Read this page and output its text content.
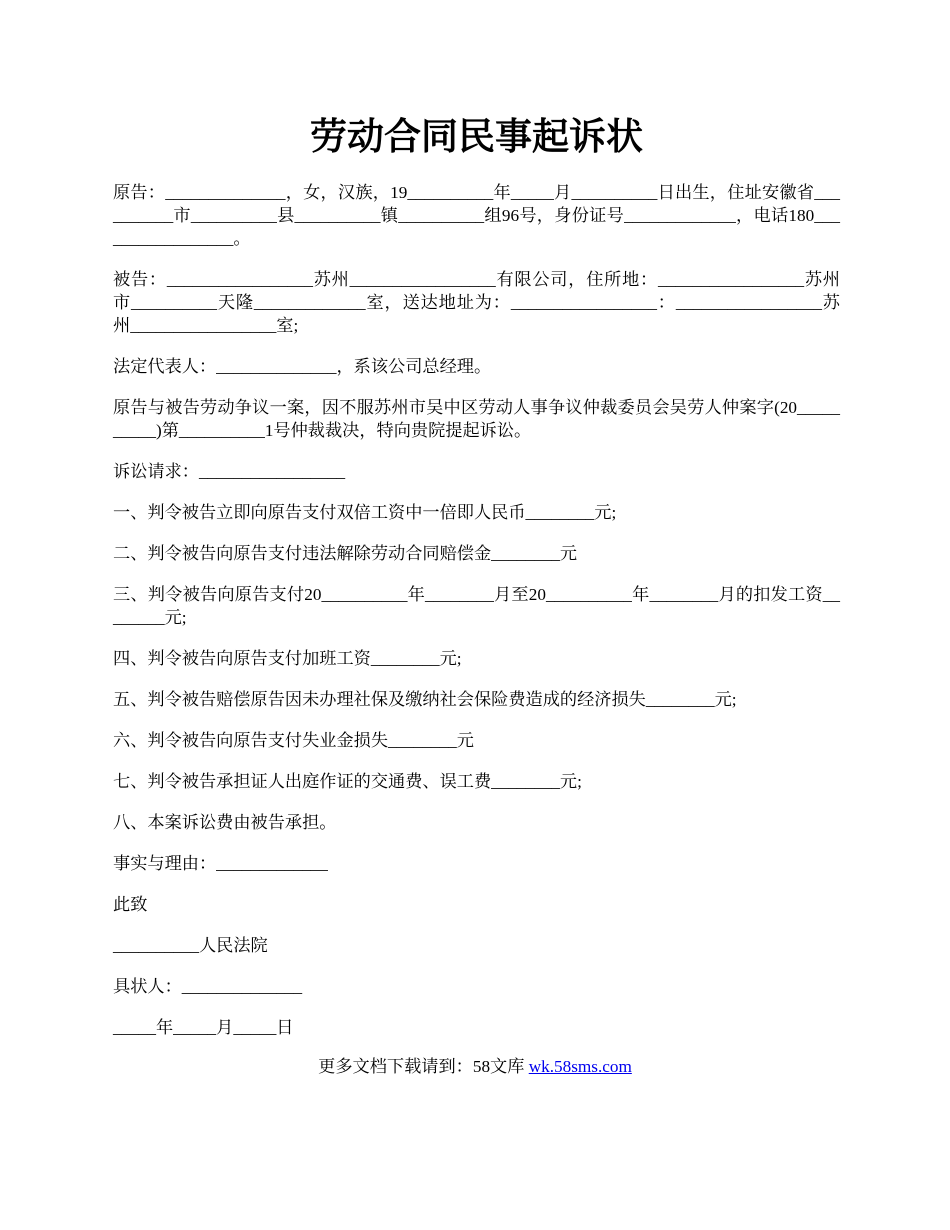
劳动合同民事起诉状

原告：______________，女，汉族，19__________年_____月__________日出生，住址安徽省__________市__________县__________镇__________组96号，身份证号_____________，电话180_________________。

被告：_________________苏州_________________有限公司，住所地：_________________苏州市__________天隆_____________室，送达地址为：_________________：_________________苏州_________________室;

法定代表人：______________，系该公司总经理。

原告与被告劳动争议一案，因不服苏州市吴中区劳动人事争议仲裁委员会吴劳人仲案字(20__________)第__________1号仲裁裁决，特向贵院提起诉讼。

诉讼请求：_________________

一、判令被告立即向原告支付双倍工资中一倍即人民币________元;

二、判令被告向原告支付违法解除劳动合同赔偿金________元

三、判令被告向原告支付20__________年________月至20__________年________月的扣发工资________元;

四、判令被告向原告支付加班工资________元;

五、判令被告赔偿原告因未办理社保及缴纳社会保险费造成的经济损失________元;

六、判令被告向原告支付失业金损失________元

七、判令被告承担证人出庭作证的交通费、误工费________元;

八、本案诉讼费由被告承担。

事实与理由：_____________

此致

__________人民法院

具状人：______________

_____年_____月_____日

更多文档下载请到：58文库 wk.58sms.com
